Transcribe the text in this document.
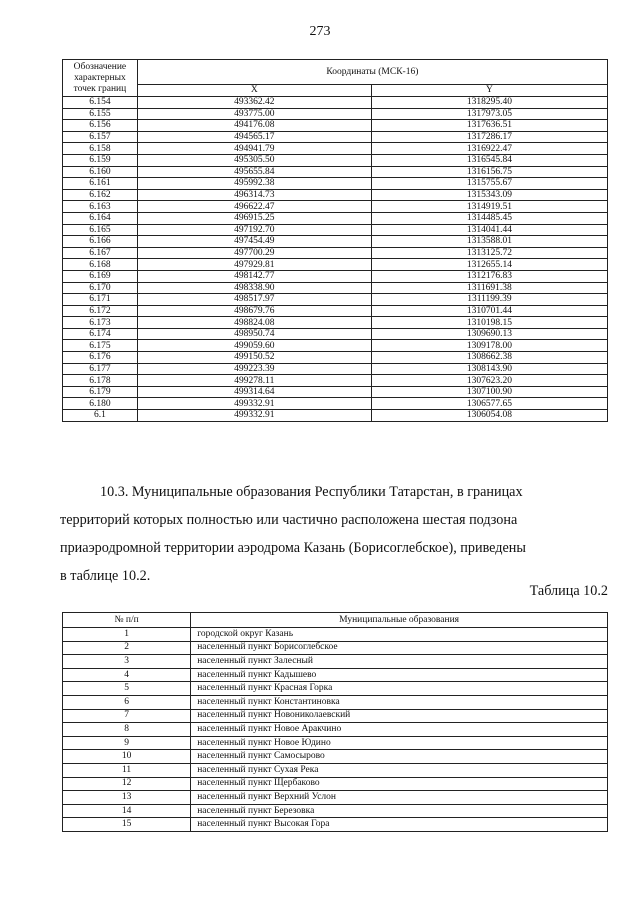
273
Обозначение характерных точек границ	Координаты (МСК-16)	
	X	Y
6.154	493362.42	1318295.40
6.155	493775.00	1317973.05
6.156	494176.08	1317636.51
6.157	494565.17	1317286.17
6.158	494941.79	1316922.47
6.159	495305.50	1316545.84
6.160	495655.84	1316156.75
6.161	495992.38	1315755.67
6.162	496314.73	1315343.09
6.163	496622.47	1314919.51
6.164	496915.25	1314485.45
6.165	497192.70	1314041.44
6.166	497454.49	1313588.01
6.167	497700.29	1313125.72
6.168	497929.81	1312655.14
6.169	498142.77	1312176.83
6.170	498338.90	1311691.38
6.171	498517.97	1311199.39
6.172	498679.76	1310701.44
6.173	498824.08	1310198.15
6.174	498950.74	1309690.13
6.175	499059.60	1309178.00
6.176	499150.52	1308662.38
6.177	499223.39	1308143.90
6.178	499278.11	1307623.20
6.179	499314.64	1307100.90
6.180	499332.91	1306577.65
6.1	499332.91	1306054.08
10.3. Муниципальные образования Республики Татарстан, в границах
территорий которых полностью или частично расположена шестая подзона
приаэродромной территории аэродрома Казань (Борисоглебское), приведены
в таблице 10.2.
Таблица 10.2
№ п/п	Муниципальные образования
1	городской округ Казань
2	населенный пункт Борисоглебское
3	населенный пункт Залесный
4	населенный пункт Кадышево
5	населенный пункт Красная Горка
6	населенный пункт Константиновка
7	населенный пункт Новониколаевский
8	населенный пункт Новое Аракчино
9	населенный пункт Новое Юдино
10	населенный пункт Самосырово
11	населенный пункт Сухая Река
12	населенный пункт Щербаково
13	населенный пункт Верхний Услон
14	населенный пункт Березовка
15	населенный пункт Высокая Гора
